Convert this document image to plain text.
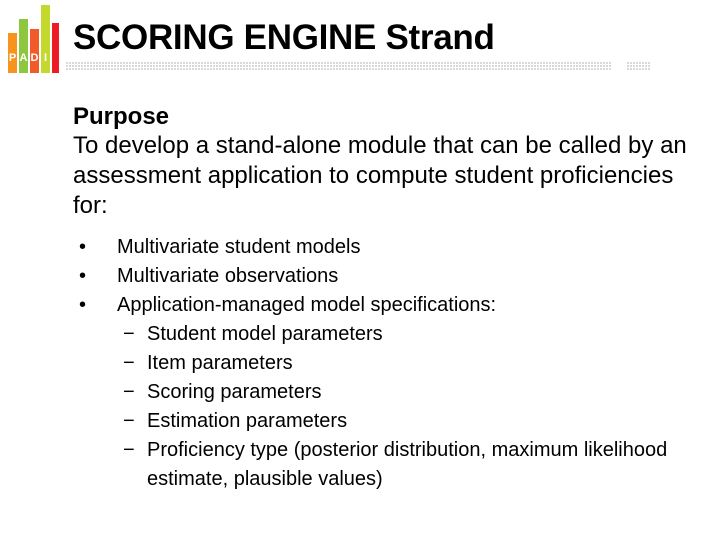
P A D I
SCORING ENGINE Strand
Purpose
To develop a stand-alone module that can be called by an assessment application to compute student proficiencies for:
• Multivariate student models
• Multivariate observations
• Application-managed model specifications:
− Student model parameters
− Item parameters
− Scoring parameters
− Estimation parameters
− Proficiency type (posterior distribution, maximum likelihood estimate, plausible values)
